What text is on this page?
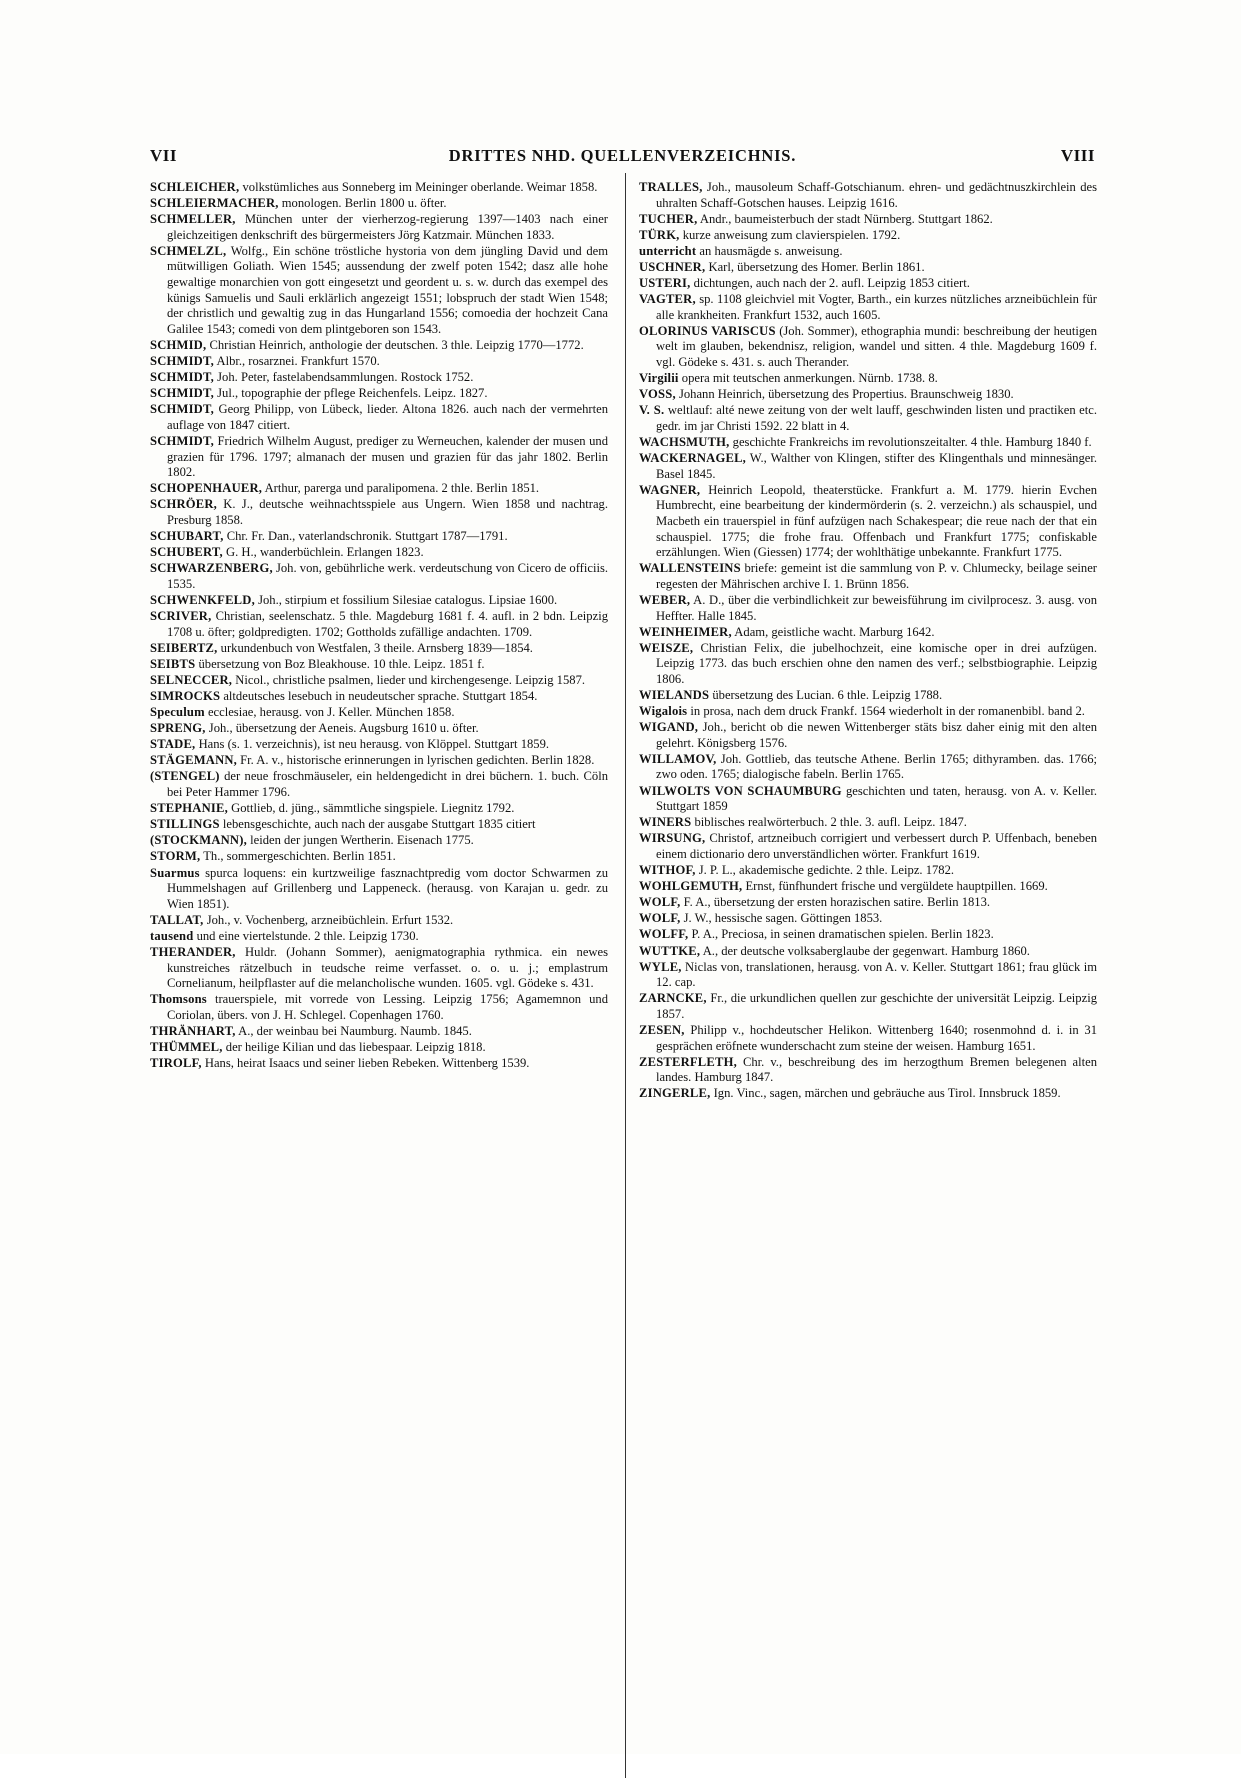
VII	DRITTES NHD. QUELLENVERZEICHNIS.	VIII
SCHLEICHER, volkstümliches aus Sonneberg im Meininger oberlande. Weimar 1858.
SCHLEIERMACHER, monologen. Berlin 1800 u. öfter.
SCHMELLER, München unter der vierherzog-regierung 1397—1403 nach einer gleichzeitigen denkschrift des bürgermeisters Jörg Katzmair. München 1833.
SCHMELZL, Wolfg., Ein schöne tröstliche hystoria von dem jüngling David und dem mütwilligen Goliath. Wien 1545; aussendung der zwelf poten 1542; dasz alle hohe gewaltige monarchien von gott eingesetzt und geordent u. s. w. durch das exempel des künigs Samuelis und Sauli erklärlich angezeigt 1551; lobspruch der stadt Wien 1548; der christlich und gewaltig zug in das Hungarland 1556; comoedia der hochzeit Cana Galilee 1543; comedi von dem plintgeboren son 1543.
SCHMID, Christian Heinrich, anthologie der deutschen. 3 thle. Leipzig 1770—1772.
SCHMIDT, Albr., rosarznei. Frankfurt 1570.
SCHMIDT, Joh. Peter, fastelabendsammlungen. Rostock 1752.
SCHMIDT, Jul., topographie der pflege Reichenfels. Leipz. 1827.
SCHMIDT, Georg Philipp, von Lübeck, lieder. Altona 1826. auch nach der vermehrten auflage von 1847 citiert.
SCHMIDT, Friedrich Wilhelm August, prediger zu Werneuchen, kalender der musen und grazien für 1796. 1797; almanach der musen und grazien für das jahr 1802. Berlin 1802.
SCHOPENHAUER, Arthur, parerga und paralipomena. 2 thle. Berlin 1851.
SCHRÖER, K. J., deutsche weihnachtsspiele aus Ungern. Wien 1858 und nachtrag. Presburg 1858.
SCHUBART, Chr. Fr. Dan., vaterlandschronik. Stuttgart 1787—1791.
SCHUBERT, G. H., wanderbüchlein. Erlangen 1823.
SCHWARZENBERG, Joh. von, gebührliche werk. verdeutschung von Cicero de officiis. 1535.
SCHWENKFELD, Joh., stirpium et fossilium Silesiae catalogus. Lipsiae 1600.
SCRIVER, Christian, seelenschatz. 5 thle. Magdeburg 1681 f. 4. aufl. in 2 bdn. Leipzig 1708 u. öfter; goldpredigten. 1702; Gottholds zufällige andachten. 1709.
SEIBERTZ, urkundenbuch von Westfalen, 3 theile. Arnsberg 1839—1854.
SEIBTS übersetzung von Boz Bleakhouse. 10 thle. Leipz. 1851 f.
SELNECCER, Nicol., christliche psalmen, lieder und kirchengesenge. Leipzig 1587.
SIMROCKS altdeutsches lesebuch in neudeutscher sprache. Stuttgart 1854.
Speculum ecclesiae, herausg. von J. Keller. München 1858.
SPRENG, Joh., übersetzung der Aeneis. Augsburg 1610 u. öfter.
STADE, Hans (s. 1. verzeichnis), ist neu herausg. von Klöppel. Stuttgart 1859.
STÄGEMANN, Fr. A. v., historische erinnerungen in lyrischen gedichten. Berlin 1828.
(STENGEL) der neue froschmäuseler, ein heldengedicht in drei büchern. 1. buch. Cöln bei Peter Hammer 1796.
STEPHANIE, Gottlieb, d. jüng., sämmtliche singspiele. Liegnitz 1792.
STILLINGS lebensgeschichte, auch nach der ausgabe Stuttgart 1835 citiert
(STOCKMANN), leiden der jungen Wertherin. Eisenach 1775.
STORM, Th., sommergeschichten. Berlin 1851.
Suarmus spurca loquens: ein kurtzweilige fasznachtpredig vom doctor Schwarmen zu Hummelshagen auf Grillenberg und Lappeneck. (herausg. von Karajan u. gedr. zu Wien 1851).
TALLAT, Joh., v. Vochenberg, arzneibüchlein. Erfurt 1532.
tausend und eine viertelstunde. 2 thle. Leipzig 1730.
THERANDER, Huldr. (Johann Sommer), aenigmatographia rythmica. ein newes kunstreiches rätzelbuch in teudsche reime verfasset. o. o. u. j.; emplastrum Cornelianum, heilpflaster auf die melancholische wunden. 1605. vgl. Gödeke s. 431.
Thomsons trauerspiele, mit vorrede von Lessing. Leipzig 1756; Agamemnon und Coriolan, übers. von J. H. Schlegel. Copenhagen 1760.
THRÄNHART, A., der weinbau bei Naumburg. Naumb. 1845.
THÜMMEL, der heilige Kilian und das liebespaar. Leipzig 1818.
TIROLF, Hans, heirat Isaacs und seiner lieben Rebeken. Wittenberg 1539.
TRALLES, Joh., mausoleum Schaff-Gotschianum. ehren- und gedächtnuszkirchlein des uhralten Schaff-Gotschen hauses. Leipzig 1616.
TUCHER, Andr., baumeisterbuch der stadt Nürnberg. Stuttgart 1862.
TÜRK, kurze anweisung zum clavierspielen. 1792.
unterricht an hausmägde s. anweisung.
USCHNER, Karl, übersetzung des Homer. Berlin 1861.
USTERI, dichtungen, auch nach der 2. aufl. Leipzig 1853 citiert.
VAGTER, sp. 1108 gleichviel mit Vogter, Barth., ein kurzes nützliches arzneibüchlein für alle krankheiten. Frankfurt 1532, auch 1605.
OLORINUS VARISCUS (Joh. Sommer), ethographia mundi: beschreibung der heutigen welt im glauben, bekendnisz, religion, wandel und sitten. 4 thle. Magdeburg 1609 f. vgl. Gödeke s. 431. s. auch Therander.
Virgilii opera mit teutschen anmerkungen. Nürnb. 1738. 8.
VOSS, Johann Heinrich, übersetzung des Propertius. Braunschweig 1830.
V. S. weltlauf: alté newe zeitung von der welt lauff, geschwinden listen und practiken etc. gedr. im jar Christi 1592. 22 blatt in 4.
WACHSMUTH, geschichte Frankreichs im revolutionszeitalter. 4 thle. Hamburg 1840 f.
WACKERNAGEL, W., Walther von Klingen, stifter des Klingenthals und minnesänger. Basel 1845.
WAGNER, Heinrich Leopold, theaterstücke. Frankfurt a. M. 1779. hierin Evchen Humbrecht, eine bearbeitung der kindermörderin (s. 2. verzeichn.) als schauspiel, und Macbeth ein trauerspiel in fünf aufzügen nach Schakespear; die reue nach der that ein schauspiel. 1775; die frohe frau. Offenbach und Frankfurt 1775; confiskable erzählungen. Wien (Giessen) 1774; der wohlthätige unbekannte. Frankfurt 1775.
WALLENSTEINS briefe: gemeint ist die sammlung von P. v. Chlumecky, beilage seiner regesten der Mährischen archive I. 1. Brünn 1856.
WEBER, A. D., über die verbindlichkeit zur beweisführung im civilprocesz. 3. ausg. von Heffter. Halle 1845.
WEINHEIMER, Adam, geistliche wacht. Marburg 1642.
WEISZE, Christian Felix, die jubelhochzeit, eine komische oper in drei aufzügen. Leipzig 1773. das buch erschien ohne den namen des verf.; selbstbiographie. Leipzig 1806.
WIELANDS übersetzung des Lucian. 6 thle. Leipzig 1788.
Wigalois in prosa, nach dem druck Frankf. 1564 wiederholt in der romanenbibl. band 2.
WIGAND, Joh., bericht ob die newen Wittenberger stäts bisz daher einig mit den alten gelehrt. Königsberg 1576.
WILLAMOV, Joh. Gottlieb, das teutsche Athene. Berlin 1765; dithyramben. das. 1766; zwo oden. 1765; dialogische fabeln. Berlin 1765.
WILWOLTS VON SCHAUMBURG geschichten und taten, herausg. von A. v. Keller. Stuttgart 1859
WINERS biblisches realwörterbuch. 2 thle. 3. aufl. Leipz. 1847.
WIRSUNG, Christof, artzneibuch corrigiert und verbessert durch P. Uffenbach, beneben einem dictionario dero unverständlichen wörter. Frankfurt 1619.
WITHOF, J. P. L., akademische gedichte. 2 thle. Leipz. 1782.
WOHLGEMUTH, Ernst, fünfhundert frische und vergüldete hauptpillen. 1669.
WOLF, F. A., übersetzung der ersten horazischen satire. Berlin 1813.
WOLF, J. W., hessische sagen. Göttingen 1853.
WOLFF, P. A., Preciosa, in seinen dramatischen spielen. Berlin 1823.
WUTTKE, A., der deutsche volksaberglaube der gegenwart. Hamburg 1860.
WYLE, Niclas von, translationen, herausg. von A. v. Keller. Stuttgart 1861; frau glück im 12. cap.
ZARNCKE, Fr., die urkundlichen quellen zur geschichte der universität Leipzig. Leipzig 1857.
ZESEN, Philipp v., hochdeutscher Helikon. Wittenberg 1640; rosenmohnd d. i. in 31 gesprächen eröfnete wunderschacht zum steine der weisen. Hamburg 1651.
ZESTERFLETH, Chr. v., beschreibung des im herzogthum Bremen belegenen alten landes. Hamburg 1847.
ZINGERLE, Ign. Vinc., sagen, märchen und gebräuche aus Tirol. Innsbruck 1859.
